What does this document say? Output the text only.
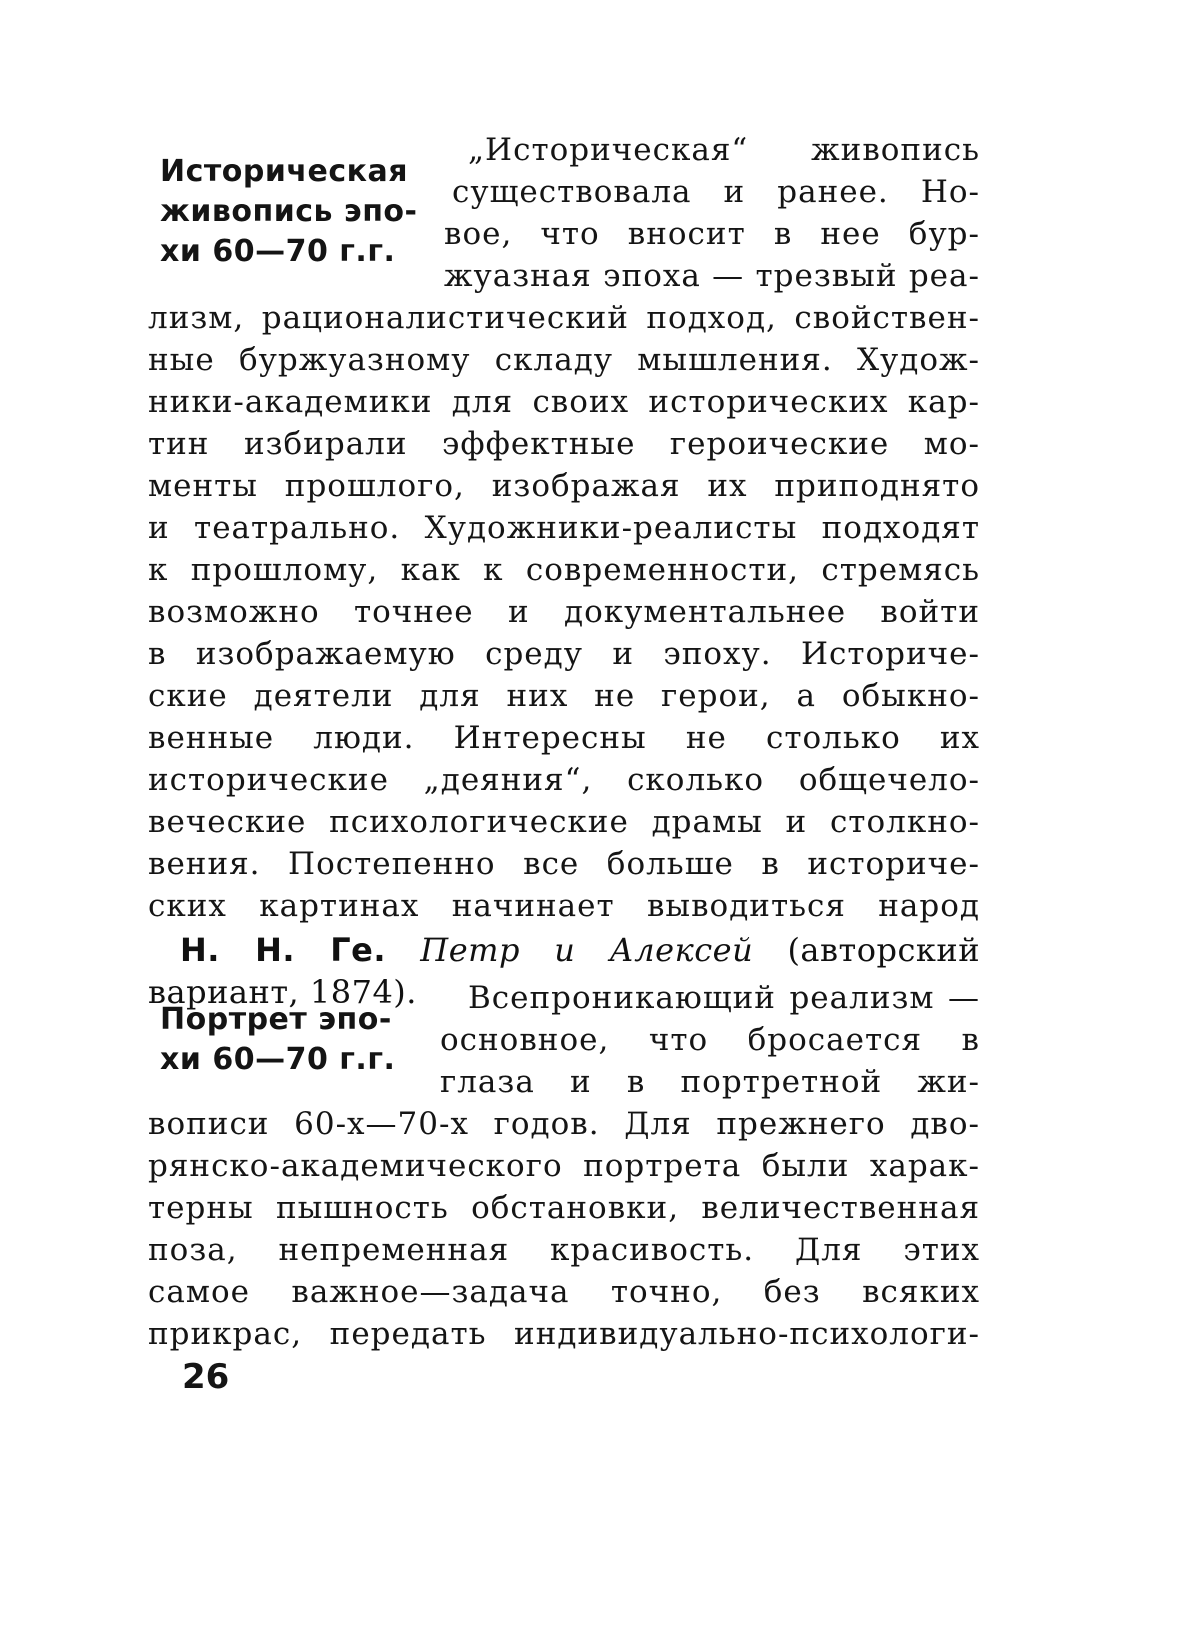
Историческая
живопись эпо-
хи 60—70 г.г.
„Историческая“ живопись
существовала и ранее. Но-
вое, что вносит в нее бур-
жуазная эпоха — трезвый реа-
лизм, рационалистический подход, свойствен-
ные буржуазному складу мышления. Худож-
ники-академики для своих исторических кар-
тин избирали эффектные героические мо-
менты прошлого, изображая их приподнято
и театрально. Художники-реалисты подходят
к прошлому, как к современности, стремясь
возможно точнее и документальнее войти
в изображаемую среду и эпоху. Историче-
ские деятели для них не герои, а обыкно-
венные люди. Интересны не столько их
исторические „деяния“, сколько общечело-
веческие психологические драмы и столкно-
вения. Постепенно все больше в историче-
ских картинах начинает выводиться народ
Н. Н. Ге. Петр и Алексей (авторский
вариант, 1874).
Портрет эпо-
хи 60—70 г.г.
Всепроникающий реализм —
основное, что бросается в
глаза и в портретной жи-
вописи 60-х—70-х годов. Для прежнего дво-
рянско-академического портрета были харак-
терны пышность обстановки, величественная
поза, непременная красивость. Для этих
самое важное—задача точно, без всяких
прикрас, передать индивидуально-психологи-
26
